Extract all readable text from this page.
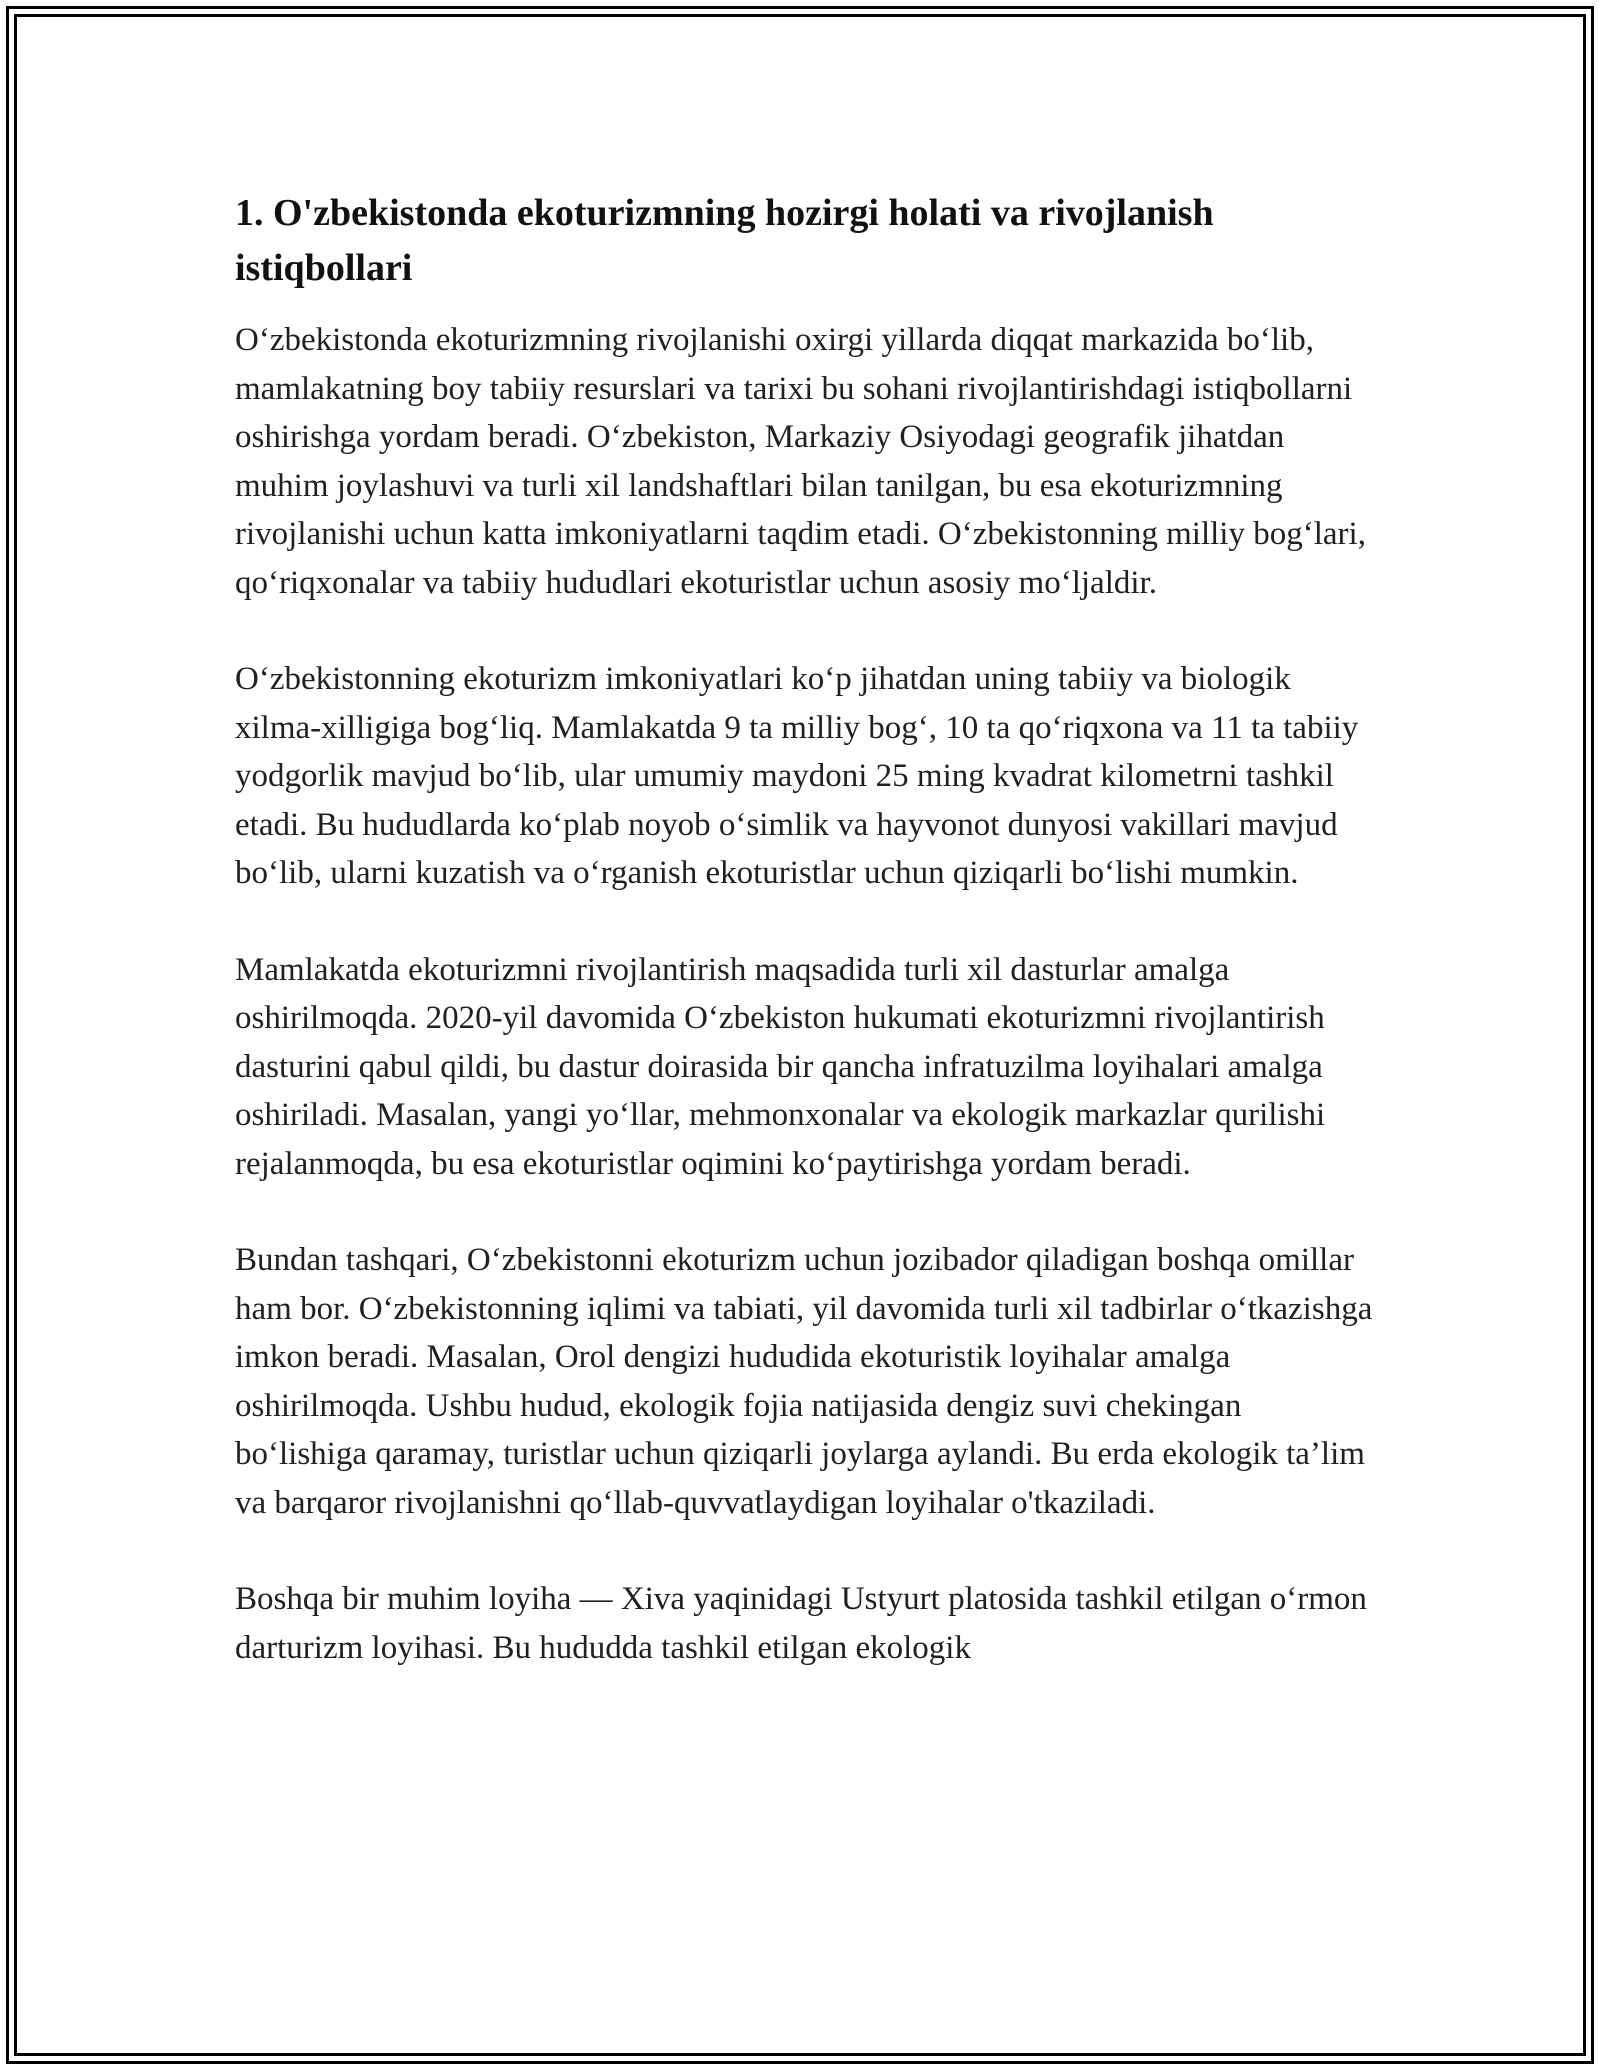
1. O'zbekistonda ekoturizmning hozirgi holati va rivojlanish istiqbollari

O‘zbekistonda ekoturizmning rivojlanishi oxirgi yillarda diqqat markazida bo‘lib, mamlakatning boy tabiiy resurslari va tarixi bu sohani rivojlantirishdagi istiqbollarni oshirishga yordam beradi. O‘zbekiston, Markaziy Osiyodagi geografik jihatdan muhim joylashuvi va turli xil landshaftlari bilan tanilgan, bu esa ekoturizmning rivojlanishi uchun katta imkoniyatlarni taqdim etadi. O‘zbekistonning milliy bog‘lari, qo‘riqxonalar va tabiiy hududlari ekoturistlar uchun asosiy mo‘ljaldir.

O‘zbekistonning ekoturizm imkoniyatlari ko‘p jihatdan uning tabiiy va biologik xilma-xilligiga bog‘liq. Mamlakatda 9 ta milliy bog‘, 10 ta qo‘riqxona va 11 ta tabiiy yodgorlik mavjud bo‘lib, ular umumiy maydoni 25 ming kvadrat kilometrni tashkil etadi. Bu hududlarda ko‘plab noyob o‘simlik va hayvonot dunyosi vakillari mavjud bo‘lib, ularni kuzatish va o‘rganish ekoturistlar uchun qiziqarli bo‘lishi mumkin.

Mamlakatda ekoturizmni rivojlantirish maqsadida turli xil dasturlar amalga oshirilmoqda. 2020-yil davomida O‘zbekiston hukumati ekoturizmni rivojlantirish dasturini qabul qildi, bu dastur doirasida bir qancha infratuzilma loyihalari amalga oshiriladi. Masalan, yangi yo‘llar, mehmonxonalar va ekologik markazlar qurilishi rejalanmoqda, bu esa ekoturistlar oqimini ko‘paytirishga yordam beradi.

Bundan tashqari, O‘zbekistonni ekoturizm uchun jozibador qiladigan boshqa omillar ham bor. O‘zbekistonning iqlimi va tabiati, yil davomida turli xil tadbirlar o‘tkazishga imkon beradi. Masalan, Orol dengizi hududida ekoturistik loyihalar amalga oshirilmoqda. Ushbu hudud, ekologik fojia natijasida dengiz suvi chekingan bo‘lishiga qaramay, turistlar uchun qiziqarli joylarga aylandi. Bu erda ekologik ta’lim va barqaror rivojlanishni qo‘llab-quvvatlaydigan loyihalar o'tkaziladi.

Boshqa bir muhim loyiha — Xiva yaqinidagi Ustyurt platosida tashkil etilgan o‘rmon darturizm loyihasi. Bu hududda tashkil etilgan ekologik
